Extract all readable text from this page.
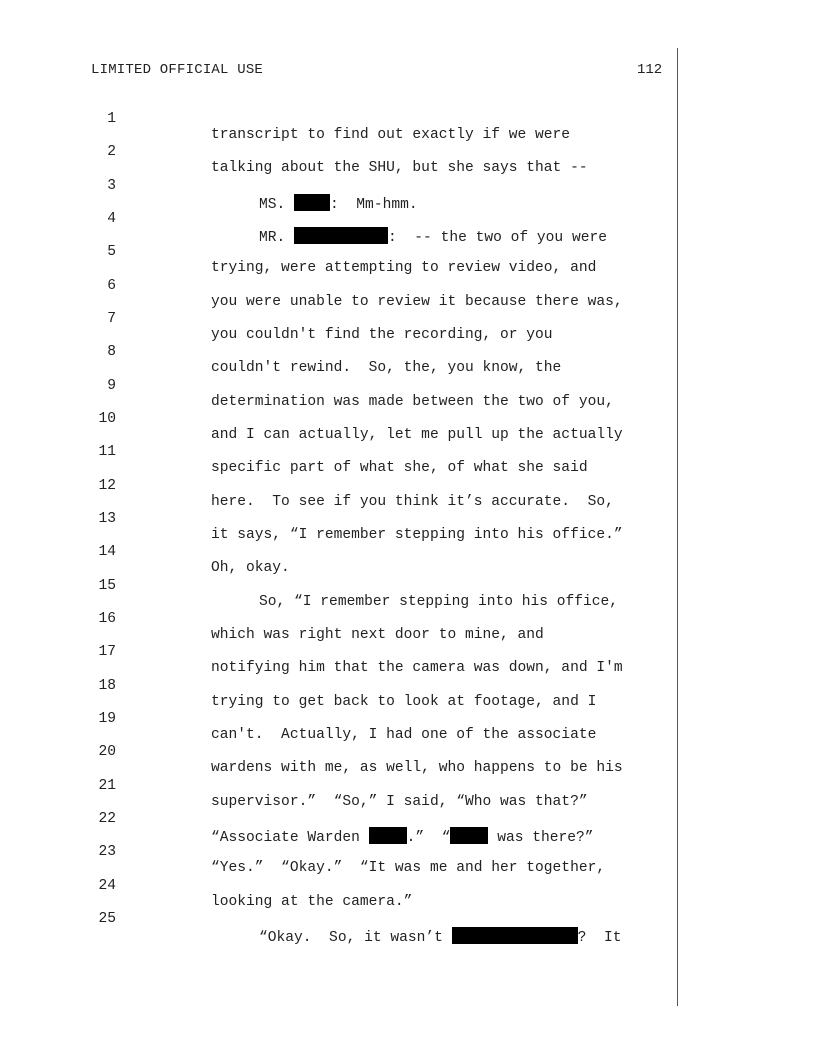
LIMITED OFFICIAL USE	112

1

transcript to find out exactly if we were

2

talking about the SHU, but she says that --

3

MS. :  Mm-hmm.

4

MR.	:  -- the two of you were

5

trying, were attempting to review video, and

6

you were unable to review it because there was,

7

you couldn't find the recording, or you

8

couldn't rewind.  So, the, you know, the

9

determination was made between the two of you,

10

and I can actually, let me pull up the actually

11

specific part of what she, of what she said

12

here.  To see if you think it’s accurate.  So,

13

it says, “I remember stepping into his office.”

14

Oh, okay.

15

So, “I remember stepping into his office,

16

which was right next door to mine, and

17

notifying him that the camera was down, and I'm

18

trying to get back to look at footage, and I

19

can't.  Actually, I had one of the associate

20

wardens with me, as well, who happens to be his

21

supervisor.”  “So,” I said, “Who was that?”

22

“Associate Warden	.”  “	was there?”

23

“Yes.”  “Okay.”  “It was me and her together,

24

looking at the camera.”

25

“Okay.  So, it wasn’t	?  It
